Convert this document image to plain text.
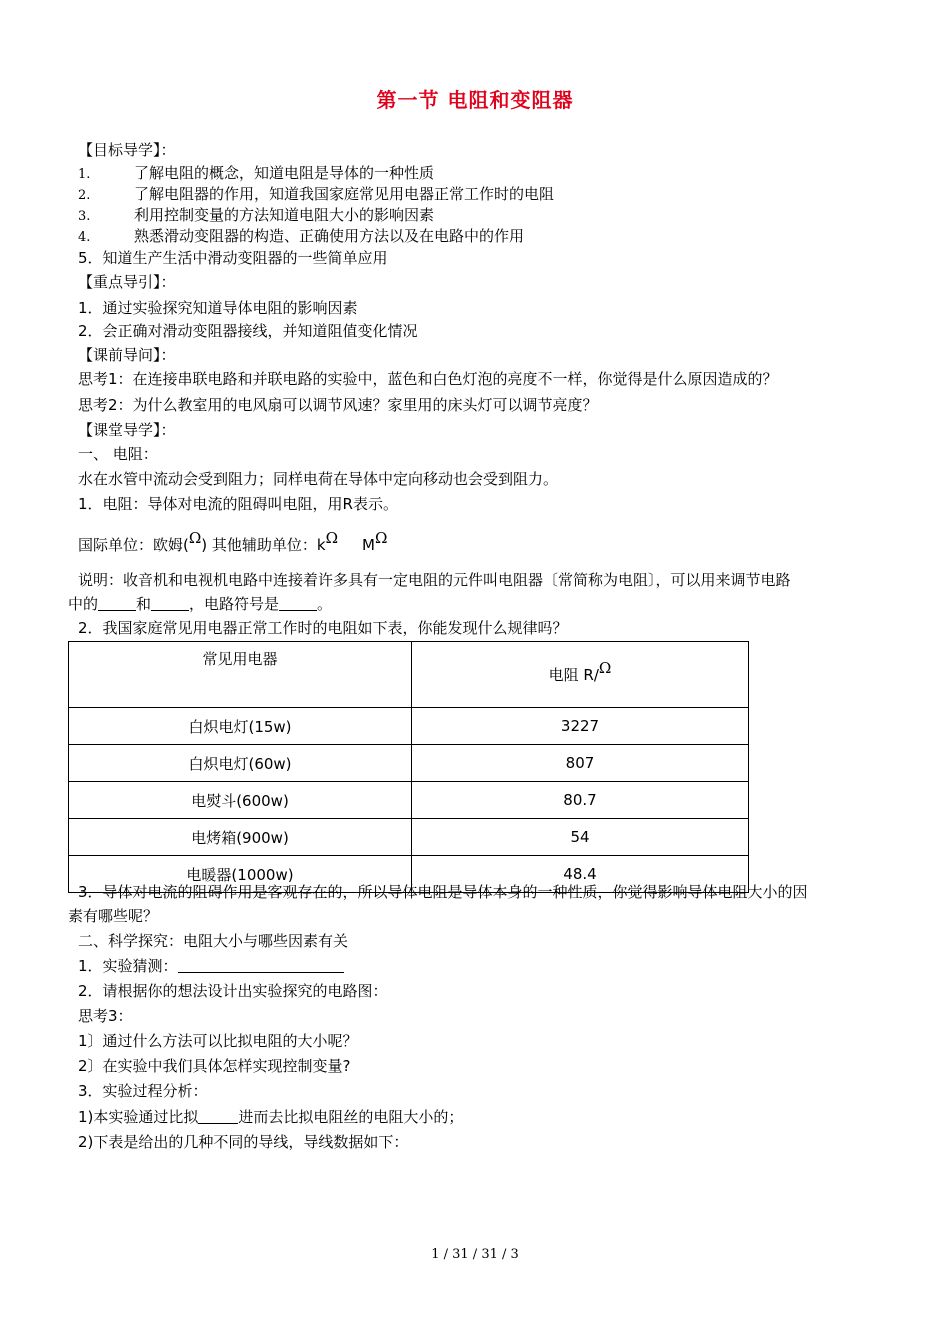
第一节 电阻和变阻器
【目标导学】：
1.	了解电阻的概念，知道电阻是导体的一种性质
2.	了解电阻器的作用，知道我国家庭常见用电器正常工作时的电阻
3.	利用控制变量的方法知道电阻大小的影响因素
4.	熟悉滑动变阻器的构造、正确使用方法以及在电路中的作用
5．知道生产生活中滑动变阻器的一些简单应用
【重点导引】：
1．通过实验探究知道导体电阻的影响因素
2．会正确对滑动变阻器接线，并知道阻值变化情况
【课前导问】：
思考1：在连接串联电路和并联电路的实验中，蓝色和白色灯泡的亮度不一样，你觉得是什么原因造成的？
思考2：为什么教室用的电风扇可以调节风速？家里用的床头灯可以调节亮度？
【课堂导学】：
一、 电阻：
水在水管中流动会受到阻力；同样电荷在导体中定向移动也会受到阻力。
1．电阻：导体对电流的阻碍叫电阻，用R表示。
国际单位：欧姆(Ω) 其他辅助单位：kΩ MΩ
说明：收音机和电视机电路中连接着许多具有一定电阻的元件叫电阻器〔常简称为电阻〕，可以用来调节电路
中的	和	，电路符号是	。
2．我国家庭常见用电器正常工作时的电阻如下表，你能发现什么规律吗？
常见用电器	电阻 R/Ω
白炽电灯(15w)	3227
白炽电灯(60w)	807
电熨斗(600w)	80.7
电烤箱(900w)	54
电暖器(1000w)	48.4
3．导体对电流的阻碍作用是客观存在的，所以导体电阻是导体本身的一种性质，你觉得影响导体电阻大小的因
素有哪些呢？
二、科学探究：电阻大小与哪些因素有关
1．实验猜测：
2．请根据你的想法设计出实验探究的电路图：
思考3：
1〕通过什么方法可以比拟电阻的大小呢？
2〕在实验中我们具体怎样实现控制变量?
3．实验过程分析：
1)本实验通过比拟	进而去比拟电阻丝的电阻大小的；
2)下表是给出的几种不同的导线，导线数据如下：
1 / 31 / 31 / 3
